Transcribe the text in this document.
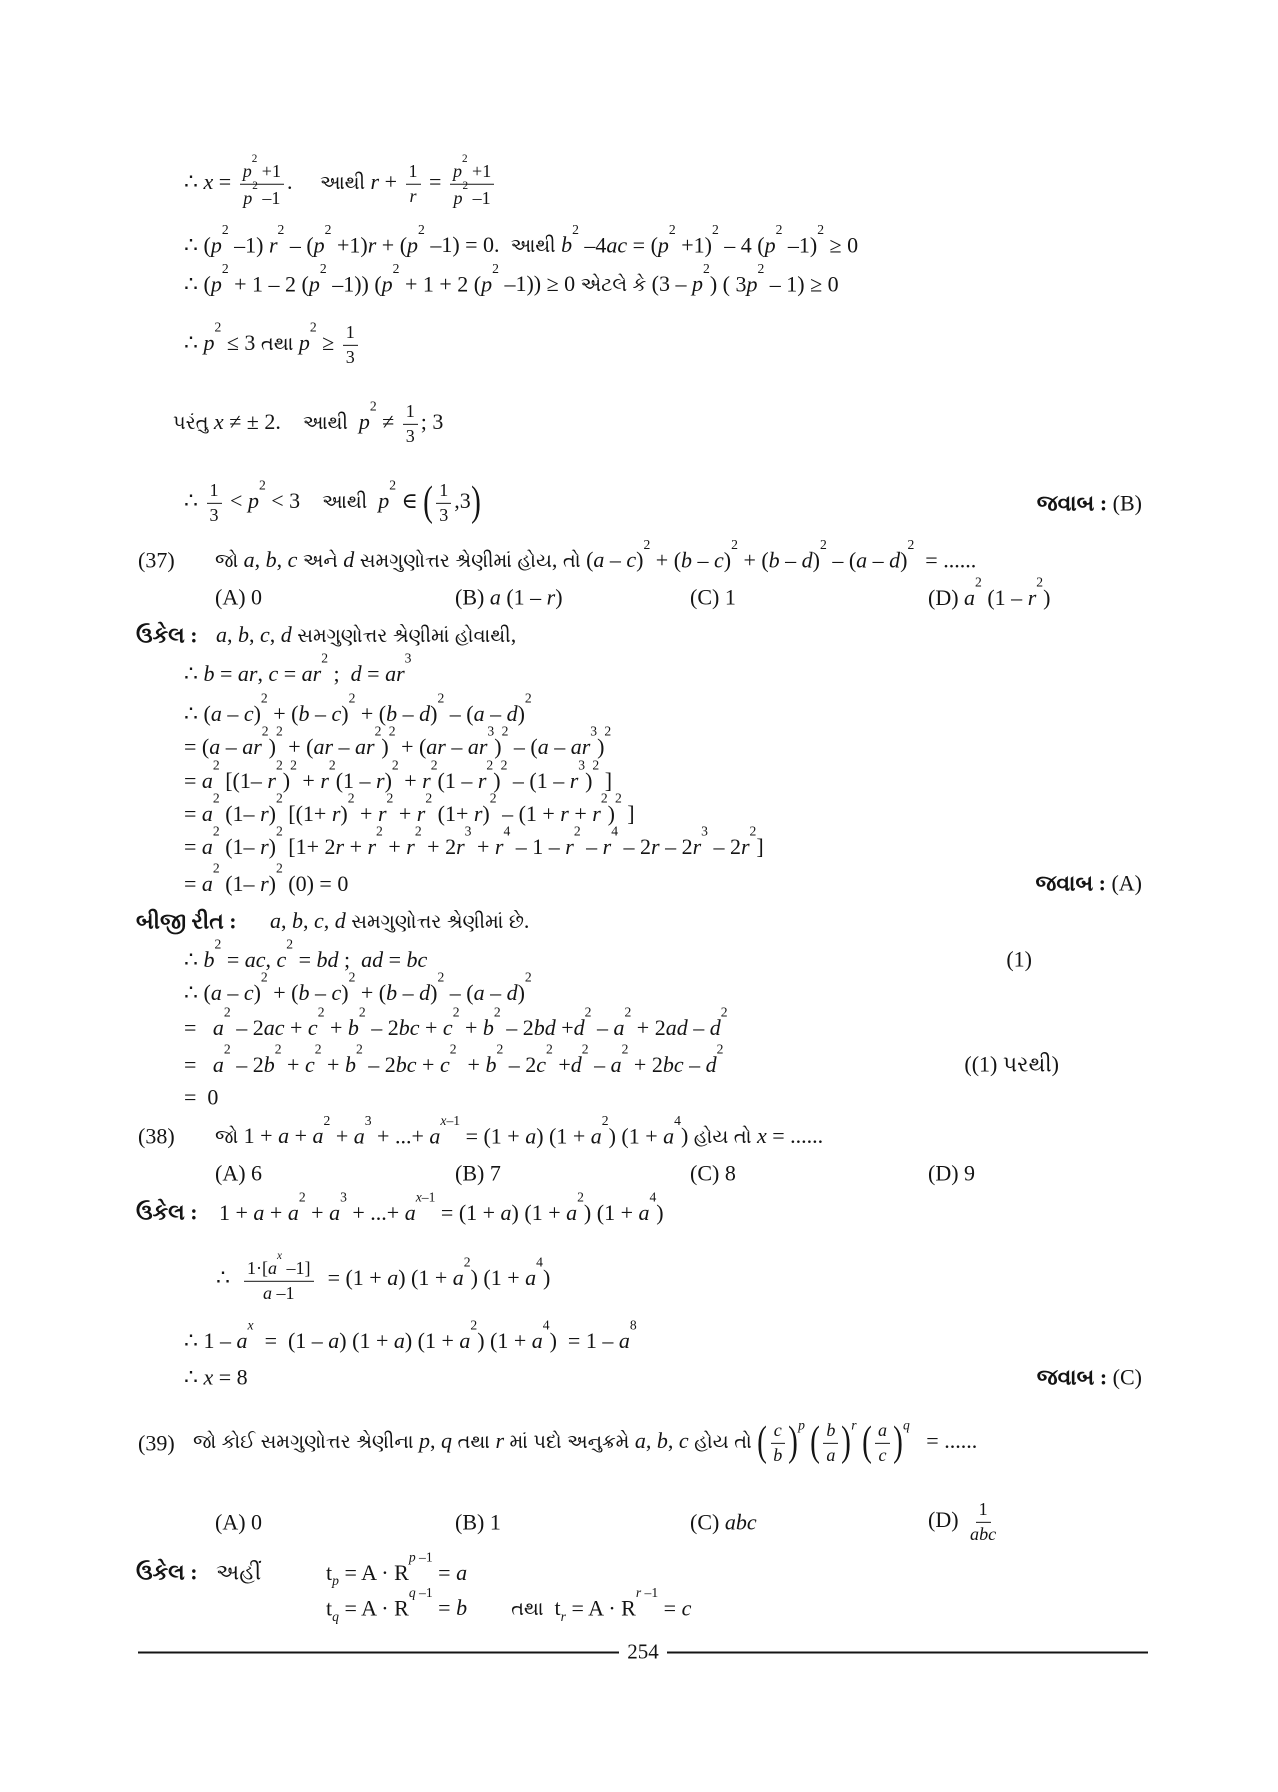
∴ $x = \frac{p^2 +1}{p^2 -1}$ .     આથી $r + \frac{1}{r} = \frac{p^2 +1}{p^2 -1}$
∴ ($p^2$ –1) $r^2 - (p^2 +1)r + (p^2$ –1) = 0.  આથી $b^2$ $-4ac = (p^2 +1)^2 - 4$ ($p^2$ –1)$^2$ ≥ 0
∴ ($p^2 + 1 - 2$ ($p^2$ –1)) ($p^2 + 1 + 2$ ($p^2$ –1)) ≥ 0 એટલે કે $(3 - p^2)$ ( $3p^2 - 1) \ge 0$
∴ $p^2 \le 3$ તથા $p^2 \ge \frac{1}{3}$
પરંતુ x ≠ ± 2.    આથી $p^2 \ne \frac{1}{3}$ ; 3
∴ $\frac{1}{3} < p^2 < 3$    આથી $p^2$ ∈ ( $\frac{1}{3} ,3$)	જવાબ : (B)
(37) જો a, b, c અને d સમગુણોત્તર શ્રેણીમાં હોય, તો (a – c)$^2$ + (b – c)$^2$ + (b – d)$^2$ – (a – d)$^2$  = ......
(A) 0	(B) a (1 – r)	(C) 1	(D) $a^2$ $(1 - r^2)$
ઉકેલ : a, b, c, d સમગુણોત્તર શ્રેણીમાં હોવાથી,
∴ b = ar, $c = ar^2$ ;  $d = ar^3$
∴ (a – c)$^2$ + (b – c)$^2$ + (b – d)$^2$ – (a – d)$^2$
= $(a - ar^2)^2 + (ar - ar^2)^2 + (ar - ar^3)^2 - (a - ar^3)^2$
= $a^2$ [(1– $r^2)^2 + r^2(1 - r)^2 + r^2(1 - r^2)^2 - (1 - r^3)^2$ ]
= $a^2$ (1– r)$^2$ [$(1+ r)^2 + r^2 + r^2$ $(1+ r)^2 - (1 + r + r^2)^2$ ]
= $a^2$ (1– r)$^2$ $[1+ 2r + r^2 + r^2 + 2r^3 + r^4 - 1 - r^2 - r^4 - 2r - 2r^3 - 2r^2]$
= $a^2$ (1– r)$^2$ (0) = 0	જવાબ : (A)
બીજી રીત : a, b, c, d સમગુણોત્તર શ્રેણીમાં છે.
∴ $b^2$ = ac, $c^2$ = bd ;  ad = bc	(1)
∴ (a – c)$^2$ + (b – c)$^2$ + (b – d)$^2$ – (a – d)$^2$
=   $a^2 - 2ac + c^2 + b^2 - 2bc + c^2 + b^2 - 2bd +d^2 - a^2 + 2ad - d^2$
=   $a^2 - 2b^2 + c^2 + b^2 - 2bc + c^2 + b^2 - 2c^2 +d^2 - a^2 + 2bc - d^2$
((1) પરથી)
=  0
(38) જો $1 + a + a^2 + a^3$ + ...+ $a^{x-1} = (1 + a) (1 + a^2) (1 + a^4)$ હોય તો x = ......
(A) 6	(B) 7	(C) 8	(D) 9
ઉકેલ : $1 + a + a^2 + a^3$ + ...+ $a^{x-1} = (1 + a) (1 + a^2) (1 + a^4)$
∴ $\frac{1\cdot[a^x -1]}{a -1} = (1 + a) (1 + a^2) (1 + a^4)$
∴ $1 - a^x = (1 - a) (1 + a) (1 + a^2) (1 + a^4) = 1 - a^8$
∴ x = 8	જવાબ : (C)
(39) જો કોઈ સમગુણોત્તર શ્રેણીના p, q તથા r માં પદો અનુક્રમે a, b, c હોય તો ( $\frac{c}{b} )^p$ ( $\frac{b}{a} )^r$ ( $\frac{a}{c} )^q$   = ......
(A) 0	(B) 1	(C) abc	$(D) \frac{1}{\text{abc}}$
ઉકેલ : અહીં	$t_p = A \cdot R^{p -1} = a$
$t_q = A \cdot R^{q -1} = b$ તથા  $t_r = A \cdot R^{r -1} = c$
254
